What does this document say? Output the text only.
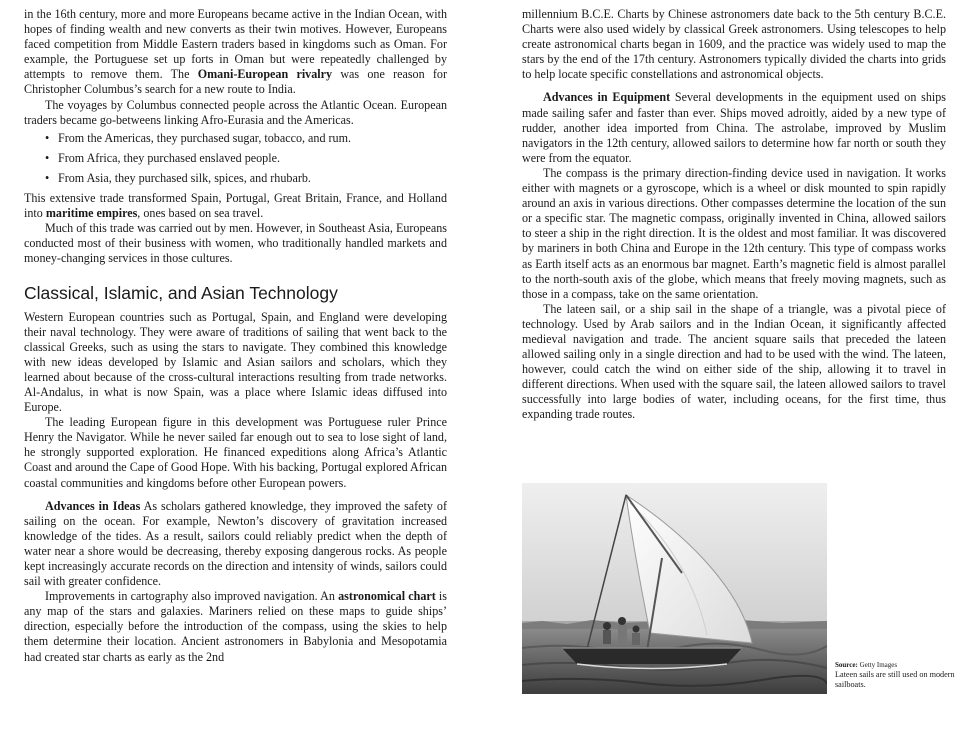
in the 16th century, more and more Europeans became active in the Indian Ocean, with hopes of finding wealth and new converts as their twin motives. However, Europeans faced competition from Middle Eastern traders based in kingdoms such as Oman. For example, the Portuguese set up forts in Oman but were repeatedly challenged by attempts to remove them. The Omani-European rivalry was one reason for Christopher Columbus’s search for a new route to India.

The voyages by Columbus connected people across the Atlantic Ocean. European traders became go-betweens linking Afro-Eurasia and the Americas.

• From the Americas, they purchased sugar, tobacco, and rum.
• From Africa, they purchased enslaved people.
• From Asia, they purchased silk, spices, and rhubarb.

This extensive trade transformed Spain, Portugal, Great Britain, France, and Holland into maritime empires, ones based on sea travel.

Much of this trade was carried out by men. However, in Southeast Asia, Europeans conducted most of their business with women, who traditionally handled markets and money-changing services in those cultures.

Classical, Islamic, and Asian Technology

Western European countries such as Portugal, Spain, and England were developing their naval technology. They were aware of traditions of sailing that went back to the classical Greeks, such as using the stars to navigate. They combined this knowledge with new ideas developed by Islamic and Asian sailors and scholars, which they learned about because of the cross-cultural interactions resulting from trade networks. Al-Andalus, in what is now Spain, was a place where Islamic ideas diffused into Europe.

The leading European figure in this development was Portuguese ruler Prince Henry the Navigator. While he never sailed far enough out to sea to lose sight of land, he strongly supported exploration. He financed expeditions along Africa’s Atlantic Coast and around the Cape of Good Hope. With his backing, Portugal explored African coastal communities and kingdoms before other European powers.

Advances in Ideas As scholars gathered knowledge, they improved the safety of sailing on the ocean. For example, Newton’s discovery of gravitation increased knowledge of the tides. As a result, sailors could reliably predict when the depth of water near a shore would be decreasing, thereby exposing dangerous rocks. As people kept increasingly accurate records on the direction and intensity of winds, sailors could sail with greater confidence.

Improvements in cartography also improved navigation. An astronomical chart is any map of the stars and galaxies. Mariners relied on these maps to guide ships’ direction, especially before the introduction of the compass, using the skies to help them determine their location. Ancient astronomers in Babylonia and Mesopotamia had created star charts as early as the 2nd

millennium B.C.E. Charts by Chinese astronomers date back to the 5th century B.C.E. Charts were also used widely by classical Greek astronomers. Using telescopes to help create astronomical charts began in 1609, and the practice was widely used to map the stars by the end of the 17th century. Astronomers typically divided the charts into grids to help locate specific constellations and astronomical objects.

Advances in Equipment Several developments in the equipment used on ships made sailing safer and faster than ever. Ships moved adroitly, aided by a new type of rudder, another idea imported from China. The astrolabe, improved by Muslim navigators in the 12th century, allowed sailors to determine how far north or south they were from the equator.

The compass is the primary direction-finding device used in navigation. It works either with magnets or a gyroscope, which is a wheel or disk mounted to spin rapidly around an axis in various directions. Other compasses determine the location of the sun or a specific star. The magnetic compass, originally invented in China, allowed sailors to steer a ship in the right direction. It is the oldest and most familiar. It was discovered by mariners in both China and Europe in the 12th century. This type of compass works as Earth itself acts as an enormous bar magnet. Earth’s magnetic field is almost parallel to the north-south axis of the globe, which means that freely moving magnets, such as those in a compass, take on the same orientation.

The lateen sail, or a ship sail in the shape of a triangle, was a pivotal piece of technology. Used by Arab sailors and in the Indian Ocean, it significantly affected medieval navigation and trade. The ancient square sails that preceded the lateen allowed sailing only in a single direction and had to be used with the wind. The lateen, however, could catch the wind on either side of the ship, allowing it to travel in different directions. When used with the square sail, the lateen allowed sailors to travel successfully into large bodies of water, including oceans, for the first time, thus expanding trade routes.

Source: Getty Images
Lateen sails are still used on modern sailboats.
